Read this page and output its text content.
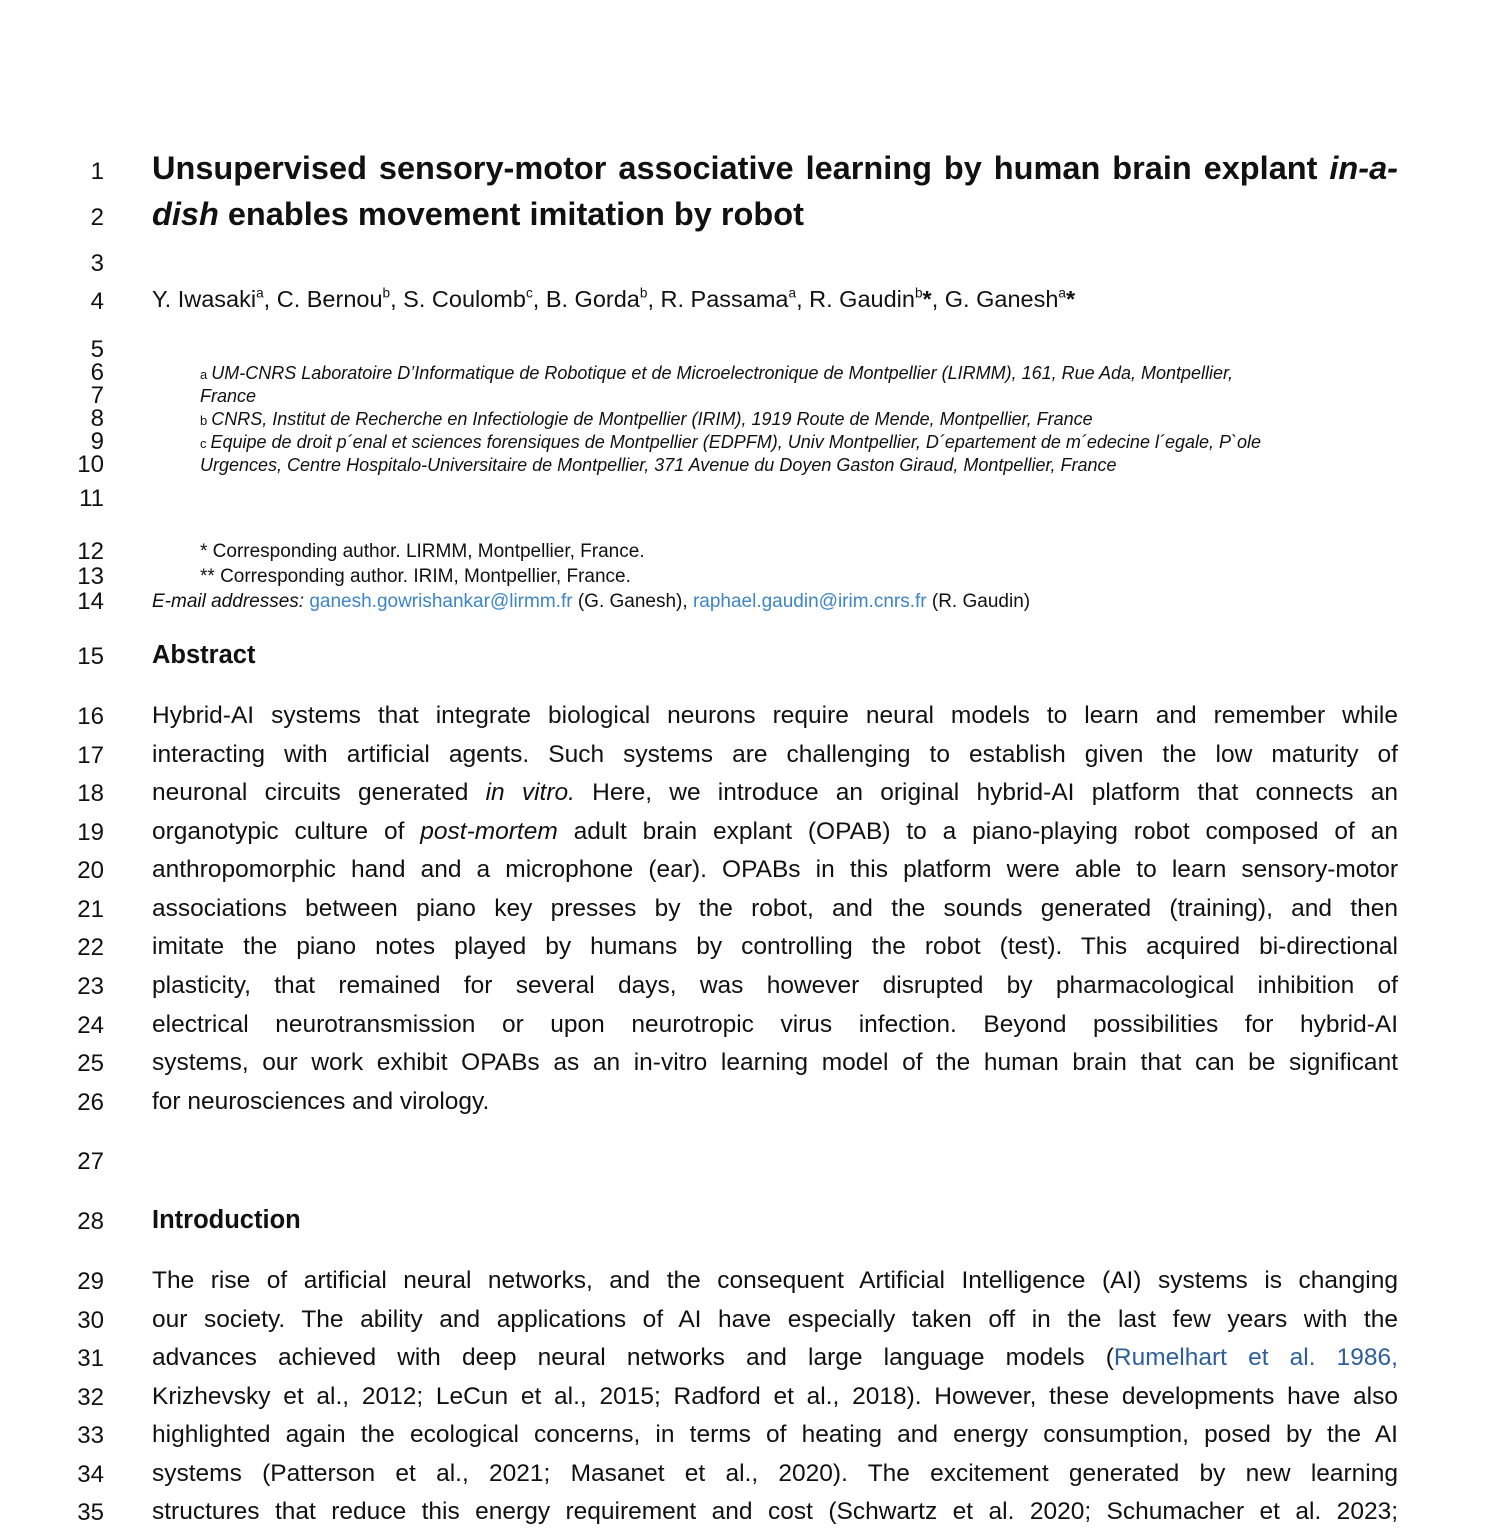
1
2
3
4
5
6
7
8
9
10
11
12
13
14
15
16
17
18
19
20
21
22
23
24
25
26
27
28
29
30
31
32
33
34
35
Unsupervised sensory-motor associative learning by human brain explant in-a-
dish enables movement imitation by robot
Y. Iwasaki$^a$, C. Bernou$^b$, S. Coulomb$^c$, B. Gorda$^b$, R. Passama$^a$, R. Gaudin$^b$*, G. Ganesh$^a$*
a UM-CNRS Laboratoire D’Informatique de Robotique et de Microelectronique de Montpellier (LIRMM), 161, Rue Ada, Montpellier,
France
b CNRS, Institut de Recherche en Infectiologie de Montpellier (IRIM), 1919 Route de Mende, Montpellier, France
c Equipe de droit p´enal et sciences forensiques de Montpellier (EDPFM), Univ Montpellier, D´epartement de m´edecine l´egale, P`ole
Urgences, Centre Hospitalo-Universitaire de Montpellier, 371 Avenue du Doyen Gaston Giraud, Montpellier, France
* Corresponding author. LIRMM, Montpellier, France.
** Corresponding author. IRIM, Montpellier, France.
E-mail addresses: ganesh.gowrishankar@lirmm.fr (G. Ganesh), raphael.gaudin@irim.cnrs.fr (R. Gaudin)
Abstract
Hybrid-AI systems that integrate biological neurons require neural models to learn and remember while
interacting with artificial agents. Such systems are challenging to establish given the low maturity of
neuronal circuits generated in vitro. Here, we introduce an original hybrid-AI platform that connects an
organotypic culture of post-mortem adult brain explant (OPAB) to a piano-playing robot composed of an
anthropomorphic hand and a microphone (ear). OPABs in this platform were able to learn sensory-motor
associations between piano key presses by the robot, and the sounds generated (training), and then
imitate the piano notes played by humans by controlling the robot (test). This acquired bi-directional
plasticity, that remained for several days, was however disrupted by pharmacological inhibition of
electrical neurotransmission or upon neurotropic virus infection. Beyond possibilities for hybrid-AI
systems, our work exhibit OPABs as an in-vitro learning model of the human brain that can be significant
for neurosciences and virology.
Introduction
The rise of artificial neural networks, and the consequent Artificial Intelligence (AI) systems is changing
our society. The ability and applications of AI have especially taken off in the last few years with the
advances achieved with deep neural networks and large language models (Rumelhart et al. 1986,
Krizhevsky et al., 2012; LeCun et al., 2015; Radford et al., 2018). However, these developments have also
highlighted again the ecological concerns, in terms of heating and energy consumption, posed by the AI
systems (Patterson et al., 2021; Masanet et al., 2020). The excitement generated by new learning
structures that reduce this energy requirement and cost (Schwartz et al. 2020; Schumacher et al. 2023;
